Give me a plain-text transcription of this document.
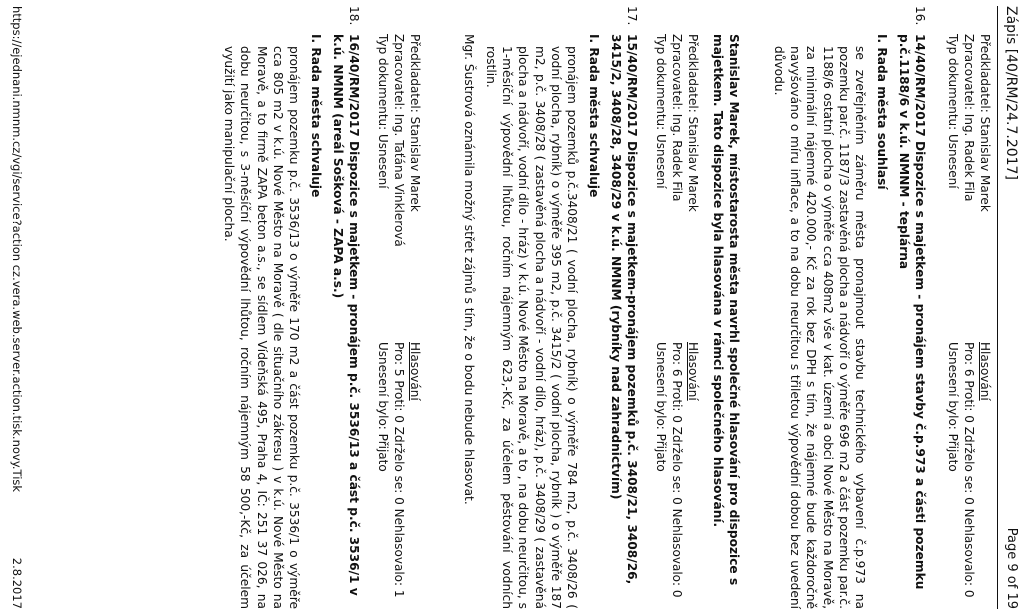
Zápis [40/RM/24.7.2017]
Page 9 of 19
Předkladatel: Stanislav Marek
Hlasování
Zpracovatel: Ing. Radek Fila
Pro: 6 Proti: 0 Zdrželo se: 0 Nehlasovalo: 0
Typ dokumentu: Usnesení
Usnesení bylo: Přijato
16.

14/40/RM/2017 Dispozice s majetkem - pronájem stavby č.p.973 a části pozemku p.č.1188/6 v k.ú. NMNM - teplárna

I. Rada města souhlasí

se zveřejněním záměru města pronajmout stavbu technického vybavení č.p.973 na pozemku par.č. 1187/3 zastavěná plocha a nádvoří o výměře 696 m2 a část pozemku par.č. 1188/6 ostatní plocha o výměře cca 408m2 vše v kat. území a obci Nové Město na Moravě, za minimální nájemné 420.000,- Kč za rok bez DPH s tím, že nájemné bude každoročně navyšováno o míru inflace, a to na dobu neurčitou s třiletou výpovědní dobou bez uvedení důvodu.

Stanislav Marek, místostarosta města navrhl společné hlasování pro dispozice s majetkem. Tato dispozice byla hlasována v rámci společného hlasování.

Předkladatel: Stanislav Marek
Hlasování
Zpracovatel: Ing. Radek Fila
Pro: 6 Proti: 0 Zdrželo se: 0 Nehlasovalo: 0
Typ dokumentu: Usnesení
Usnesení bylo: Přijato
17.

15/40/RM/2017 Dispozice s majetkem-pronájem pozemků p.č. 3408/21, 3408/26, 3415/2, 3408/28, 3408/29 v k.ú. NMNM (rybníky nad zahradnictvím)

I. Rada města schvaluje

pronájem pozemků p.č.3408/21 ( vodní plocha, rybník) o výměře 784 m2, p.č. 3408/26 ( vodní plocha, rybník) o výměře 395 m2, p.č. 3415/2 ( vodní plocha, rybník ) o výměře 187 m2, p.č. 3408/28 ( zastavěná plocha a nádvoří - vodní dílo, hráz), p.č. 3408/29 ( zastavěná plocha a nádvoří, vodní dílo - hráz) v k.ú. Nové Město na Moravě, a to , na dobu neurčitou, s 1-měsíční výpovědní lhůtou, ročním nájemným 623,-Kč, za účelem pěstování vodních rostlin.

Mgr. Šustrová oznámila možný střet zájmů s tím, že o bodu nebude hlasovat.

Předkladatel: Stanislav Marek
Hlasování
Zpracovatel: Ing. Taťána Vinklerová
Pro: 5 Proti: 0 Zdrželo se: 0 Nehlasovalo: 1
Typ dokumentu: Usnesení
Usnesení bylo: Přijato
18.

16/40/RM/2017 Dispozice s majetkem - pronájem p.č. 3536/13 a část p.č. 3536/1 v k.ú. NMNM (areál Sošková - ZAPA a.s.)

I. Rada města schvaluje

pronájem pozemku p.č. 3536/13 o výměře 170 m2 a část pozemku p.č. 3536/1 o výměře cca 805 m2 v k.ú. Nové Město na Moravě ( dle situačního zákresu ) v k.ú. Nové Město na Moravě, a to firmě ZAPA beton a.s., se sídlem Vídeňská 495, Praha 4, IČ: 251 37 026, na dobu neurčitou, s 3-měsíční výpovědní lhůtou, ročním nájemným 58 500,-Kč, za účelem využití jako manipulační plocha.

https://ejednani.nmnm.cz/vgi/service?action cz.vera.web.server.action.tisk.novy.Tisk
2.8.2017
